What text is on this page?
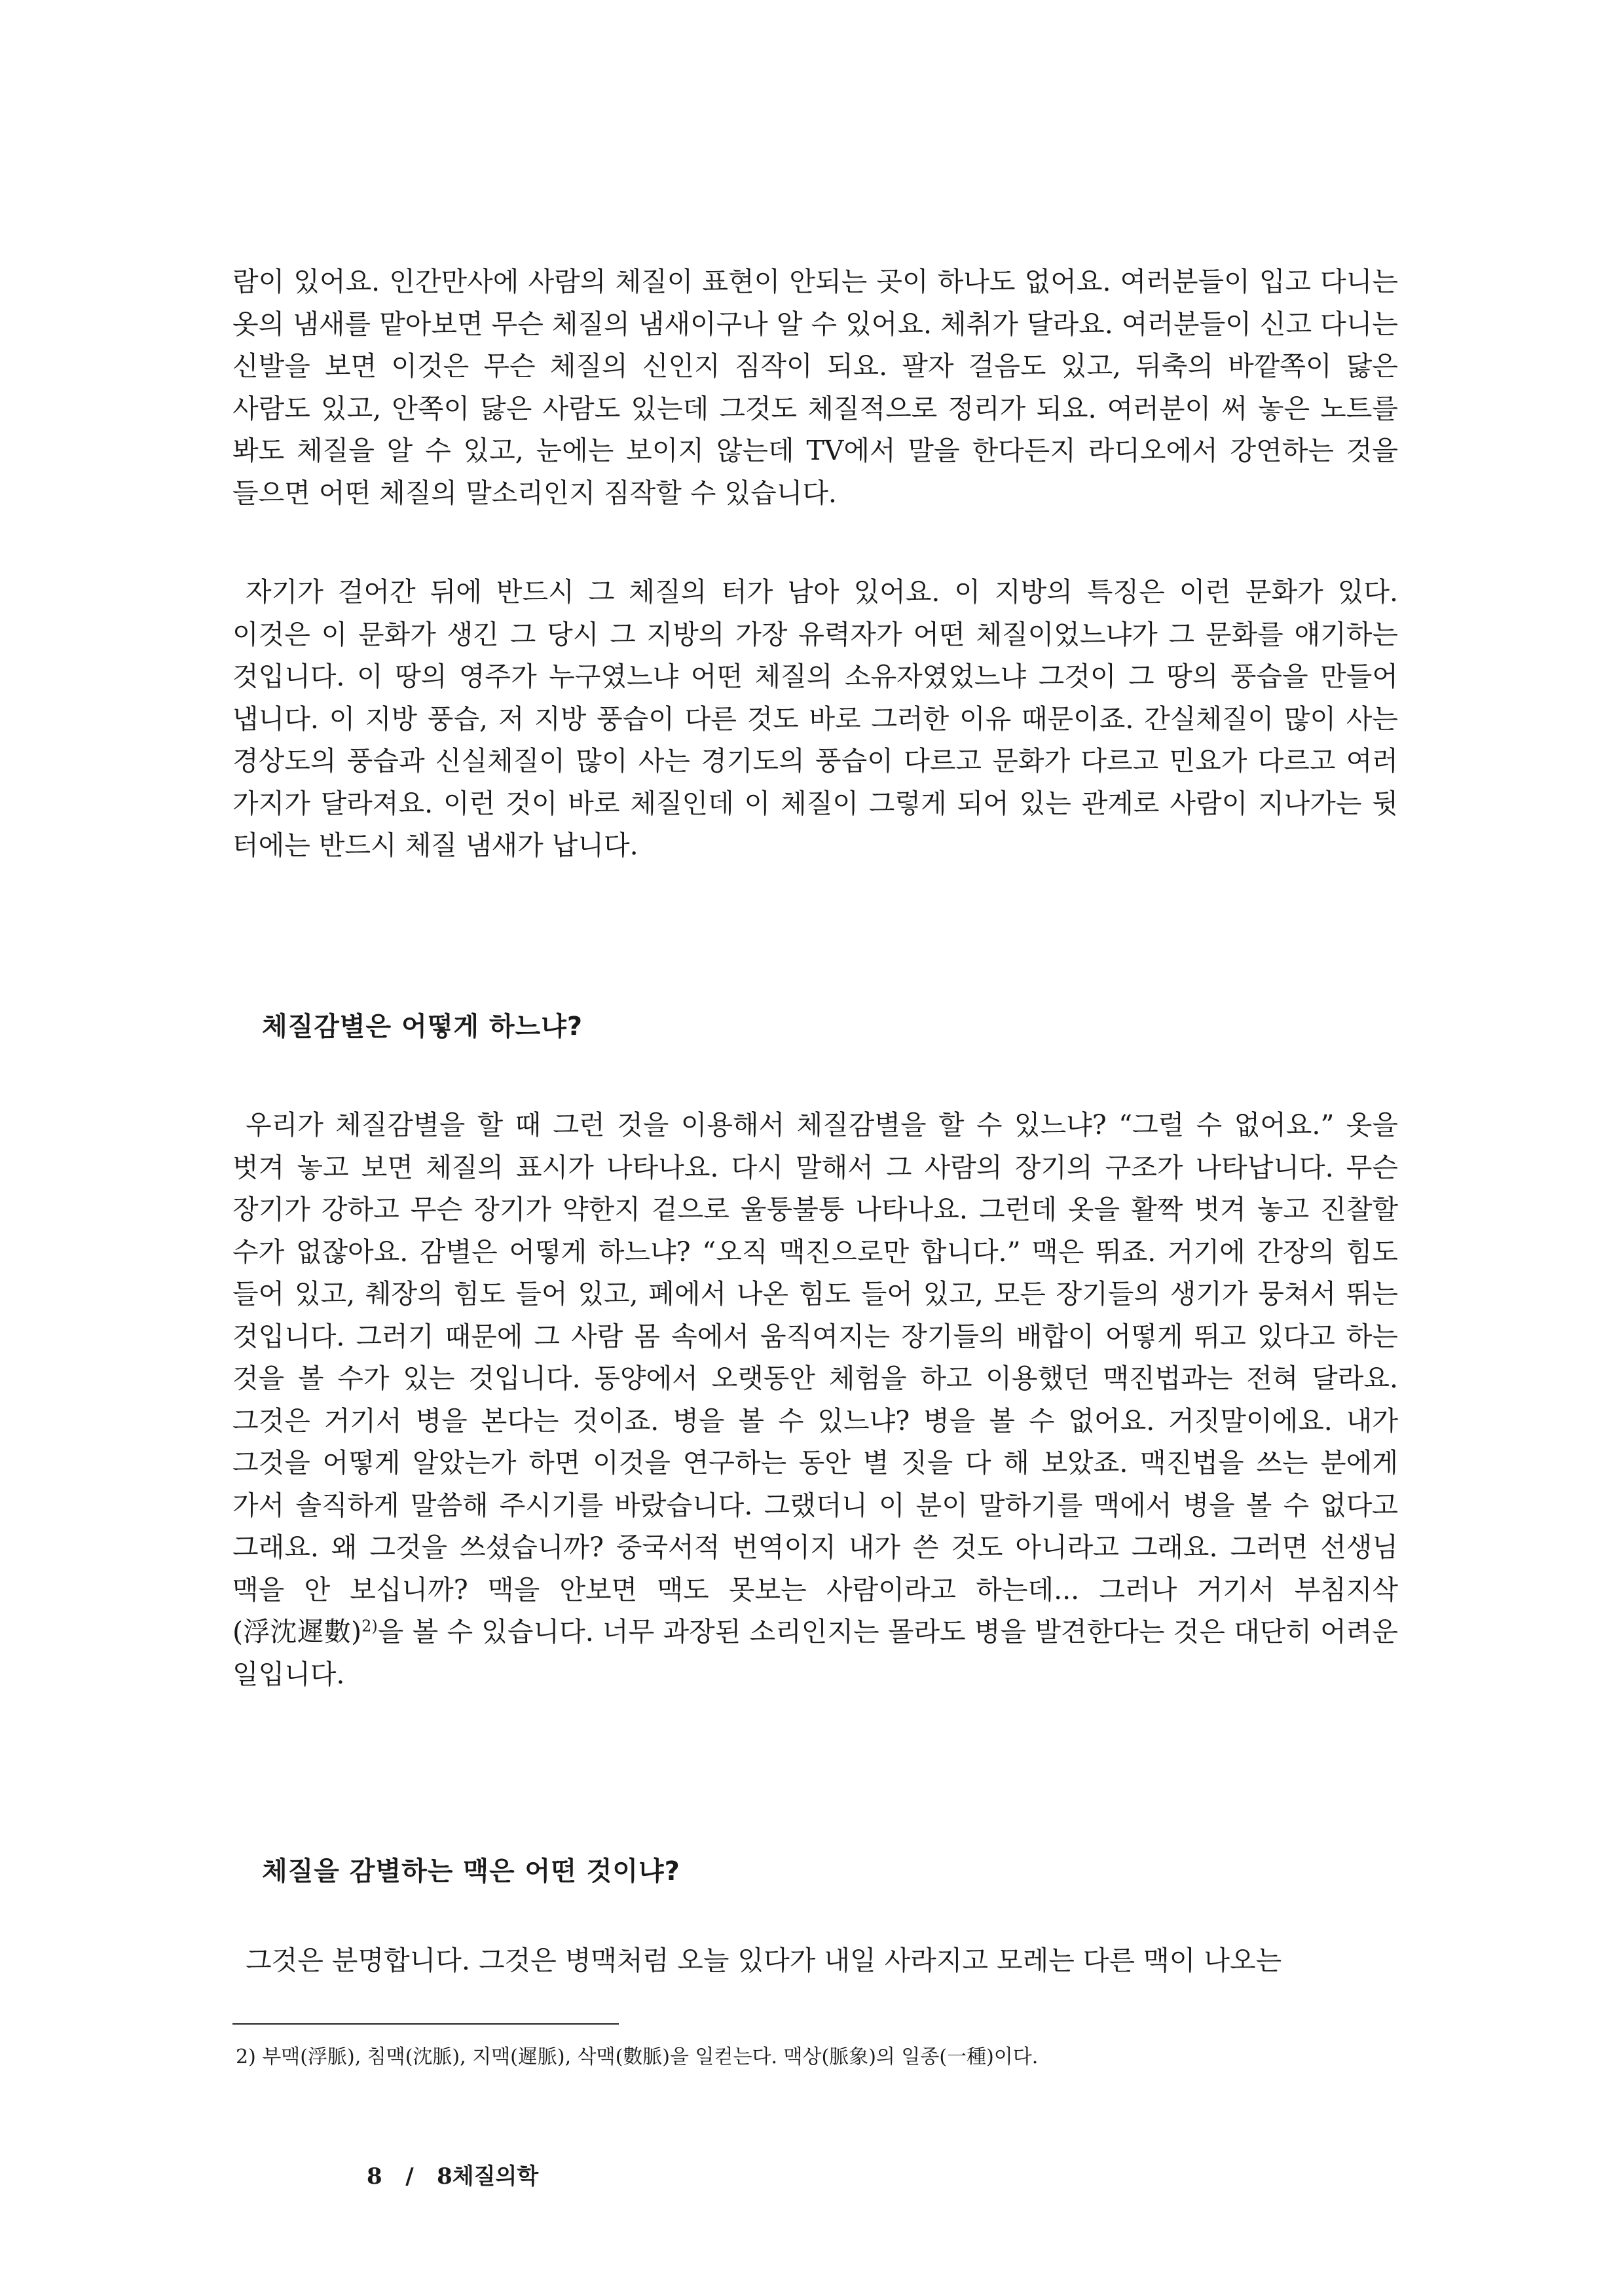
람이 있어요. 인간만사에 사람의 체질이 표현이 안되는 곳이 하나도 없어요. 여러분들이 입고 다니는 옷의 냄새를 맡아보면 무슨 체질의 냄새이구나 알 수 있어요. 체취가 달라요. 여러분들이 신고 다니는 신발을 보면 이것은 무슨 체질의 신인지 짐작이 되요. 팔자 걸음도 있고, 뒤축의 바깥쪽이 닳은 사람도 있고, 안쪽이 닳은 사람도 있는데 그것도 체질적으로 정리가 되요. 여러분이 써 놓은 노트를 봐도 체질을 알 수 있고, 눈에는 보이지 않는데 TV에서 말을 한다든지 라디오에서 강연하는 것을 들으면 어떤 체질의 말소리인지 짐작할 수 있습니다.

자기가 걸어간 뒤에 반드시 그 체질의 터가 남아 있어요. 이 지방의 특징은 이런 문화가 있다. 이것은 이 문화가 생긴 그 당시 그 지방의 가장 유력자가 어떤 체질이었느냐가 그 문화를 얘기하는 것입니다. 이 땅의 영주가 누구였느냐 어떤 체질의 소유자였었느냐 그것이 그 땅의 풍습을 만들어 냅니다. 이 지방 풍습, 저 지방 풍습이 다른 것도 바로 그러한 이유 때문이죠. 간실체질이 많이 사는 경상도의 풍습과 신실체질이 많이 사는 경기도의 풍습이 다르고 문화가 다르고 민요가 다르고 여러 가지가 달라져요. 이런 것이 바로 체질인데 이 체질이 그렇게 되어 있는 관계로 사람이 지나가는 뒷 터에는 반드시 체질 냄새가 납니다.

체질감별은 어떻게 하느냐?

우리가 체질감별을 할 때 그런 것을 이용해서 체질감별을 할 수 있느냐? “그럴 수 없어요.” 옷을 벗겨 놓고 보면 체질의 표시가 나타나요. 다시 말해서 그 사람의 장기의 구조가 나타납니다. 무슨 장기가 강하고 무슨 장기가 약한지 겉으로 울퉁불퉁 나타나요. 그런데 옷을 활짝 벗겨 놓고 진찰할 수가 없잖아요. 감별은 어떻게 하느냐? “오직 맥진으로만 합니다.” 맥은 뛰죠. 거기에 간장의 힘도 들어 있고, 췌장의 힘도 들어 있고, 폐에서 나온 힘도 들어 있고, 모든 장기들의 생기가 뭉쳐서 뛰는 것입니다. 그러기 때문에 그 사람 몸 속에서 움직여지는 장기들의 배합이 어떻게 뛰고 있다고 하는 것을 볼 수가 있는 것입니다. 동양에서 오랫동안 체험을 하고 이용했던 맥진법과는 전혀 달라요. 그것은 거기서 병을 본다는 것이죠. 병을 볼 수 있느냐? 병을 볼 수 없어요. 거짓말이에요. 내가 그것을 어떻게 알았는가 하면 이것을 연구하는 동안 별 짓을 다 해 보았죠. 맥진법을 쓰는 분에게 가서 솔직하게 말씀해 주시기를 바랐습니다. 그랬더니 이 분이 말하기를 맥에서 병을 볼 수 없다고 그래요. 왜 그것을 쓰셨습니까? 중국서적 번역이지 내가 쓴 것도 아니라고 그래요. 그러면 선생님 맥을 안 보십니까? 맥을 안보면 맥도 못보는 사람이라고 하는데... 그러나 거기서 부침지삭(浮沈遲數)$^{2)}$을 볼 수 있습니다. 너무 과장된 소리인지는 몰라도 병을 발견한다는 것은 대단히 어려운 일입니다.

체질을 감별하는 맥은 어떤 것이냐?

그것은 분명합니다. 그것은 병맥처럼 오늘 있다가 내일 사라지고 모레는 다른 맥이 나오는

2) 부맥(浮脈), 침맥(沈脈), 지맥(遲脈), 삭맥(數脈)을 일컫는다. 맥상(脈象)의 일종(一種)이다.

8 / 8체질의학
